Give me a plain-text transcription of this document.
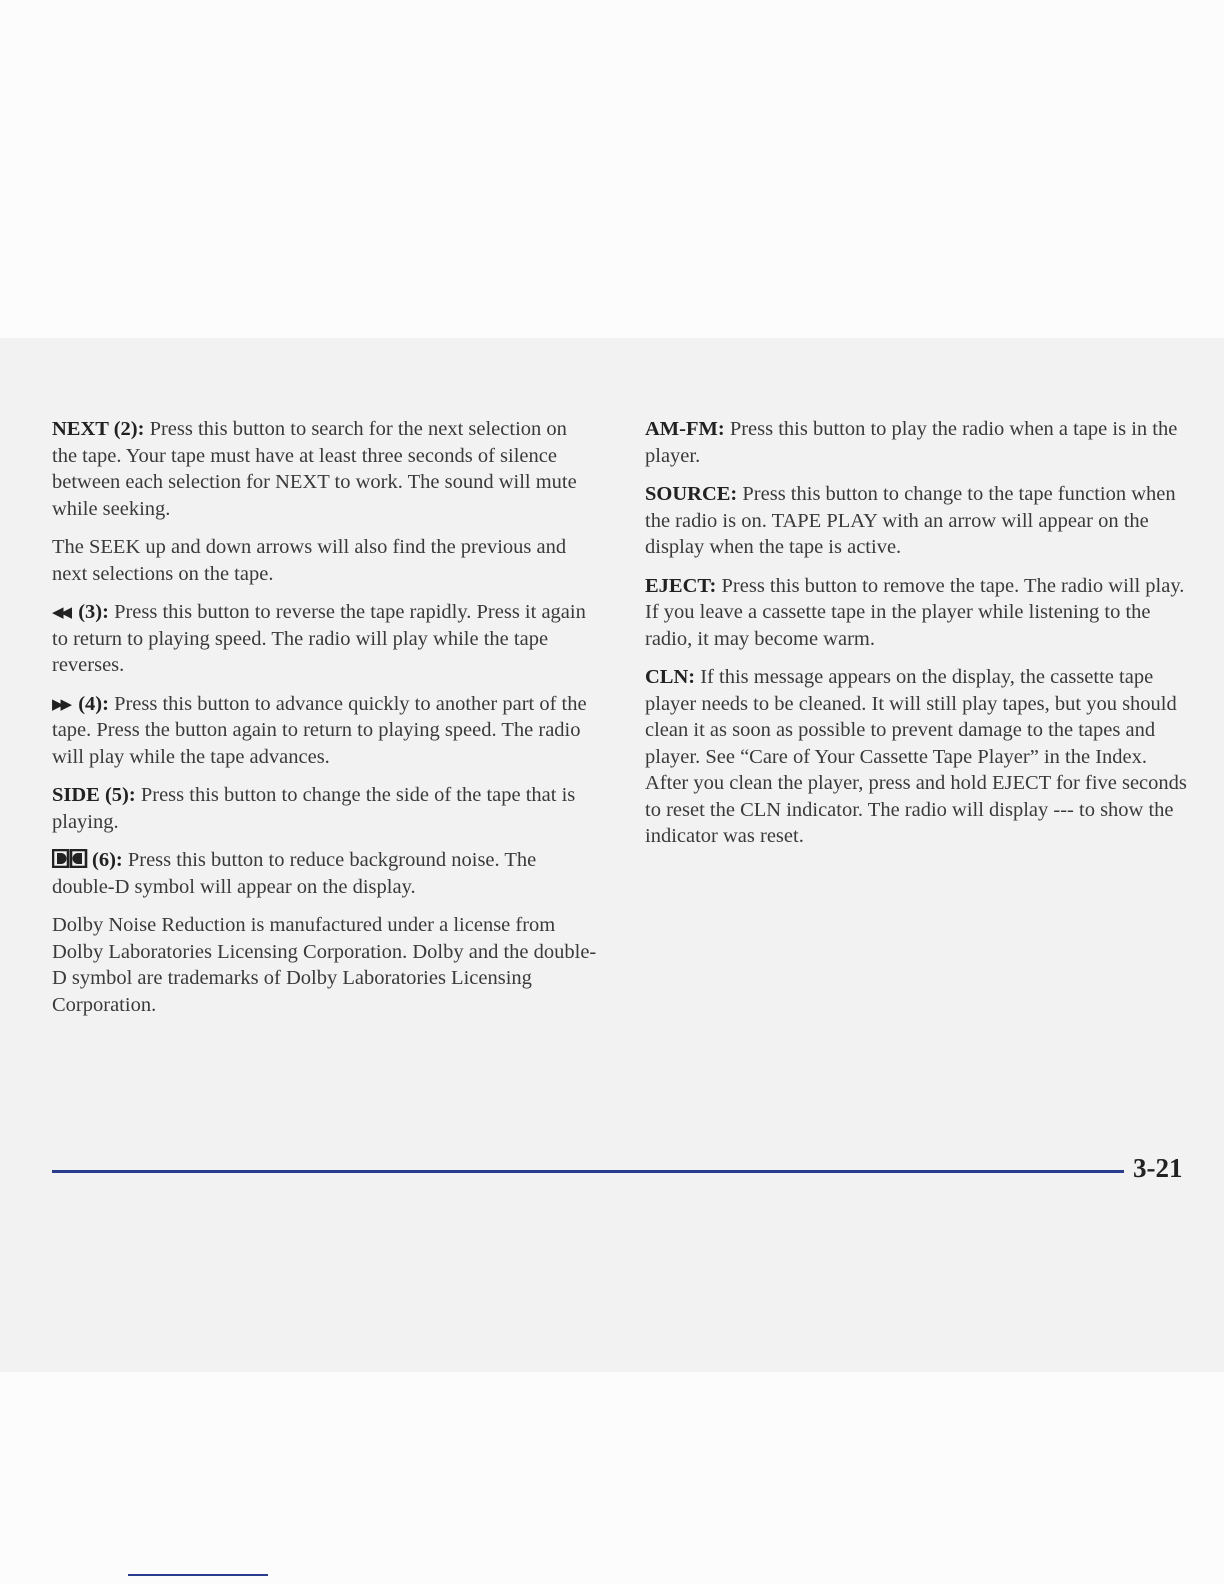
NEXT (2): Press this button to search for the next selection on the tape. Your tape must have at least three seconds of silence between each selection for NEXT to work. The sound will mute while seeking.

The SEEK up and down arrows will also find the previous and next selections on the tape.

◀◀ (3): Press this button to reverse the tape rapidly. Press it again to return to playing speed. The radio will play while the tape reverses.

▶▶ (4): Press this button to advance quickly to another part of the tape. Press the button again to return to playing speed. The radio will play while the tape advances.

SIDE (5): Press this button to change the side of the tape that is playing.

(6): Press this button to reduce background noise. The double-D symbol will appear on the display.

Dolby Noise Reduction is manufactured under a license from Dolby Laboratories Licensing Corporation. Dolby and the double-D symbol are trademarks of Dolby Laboratories Licensing Corporation.

AM-FM: Press this button to play the radio when a tape is in the player.

SOURCE: Press this button to change to the tape function when the radio is on. TAPE PLAY with an arrow will appear on the display when the tape is active.

EJECT: Press this button to remove the tape. The radio will play. If you leave a cassette tape in the player while listening to the radio, it may become warm.

CLN: If this message appears on the display, the cassette tape player needs to be cleaned. It will still play tapes, but you should clean it as soon as possible to prevent damage to the tapes and player. See “Care of Your Cassette Tape Player” in the Index. After you clean the player, press and hold EJECT for five seconds to reset the CLN indicator. The radio will display --- to show the indicator was reset.

3-21
